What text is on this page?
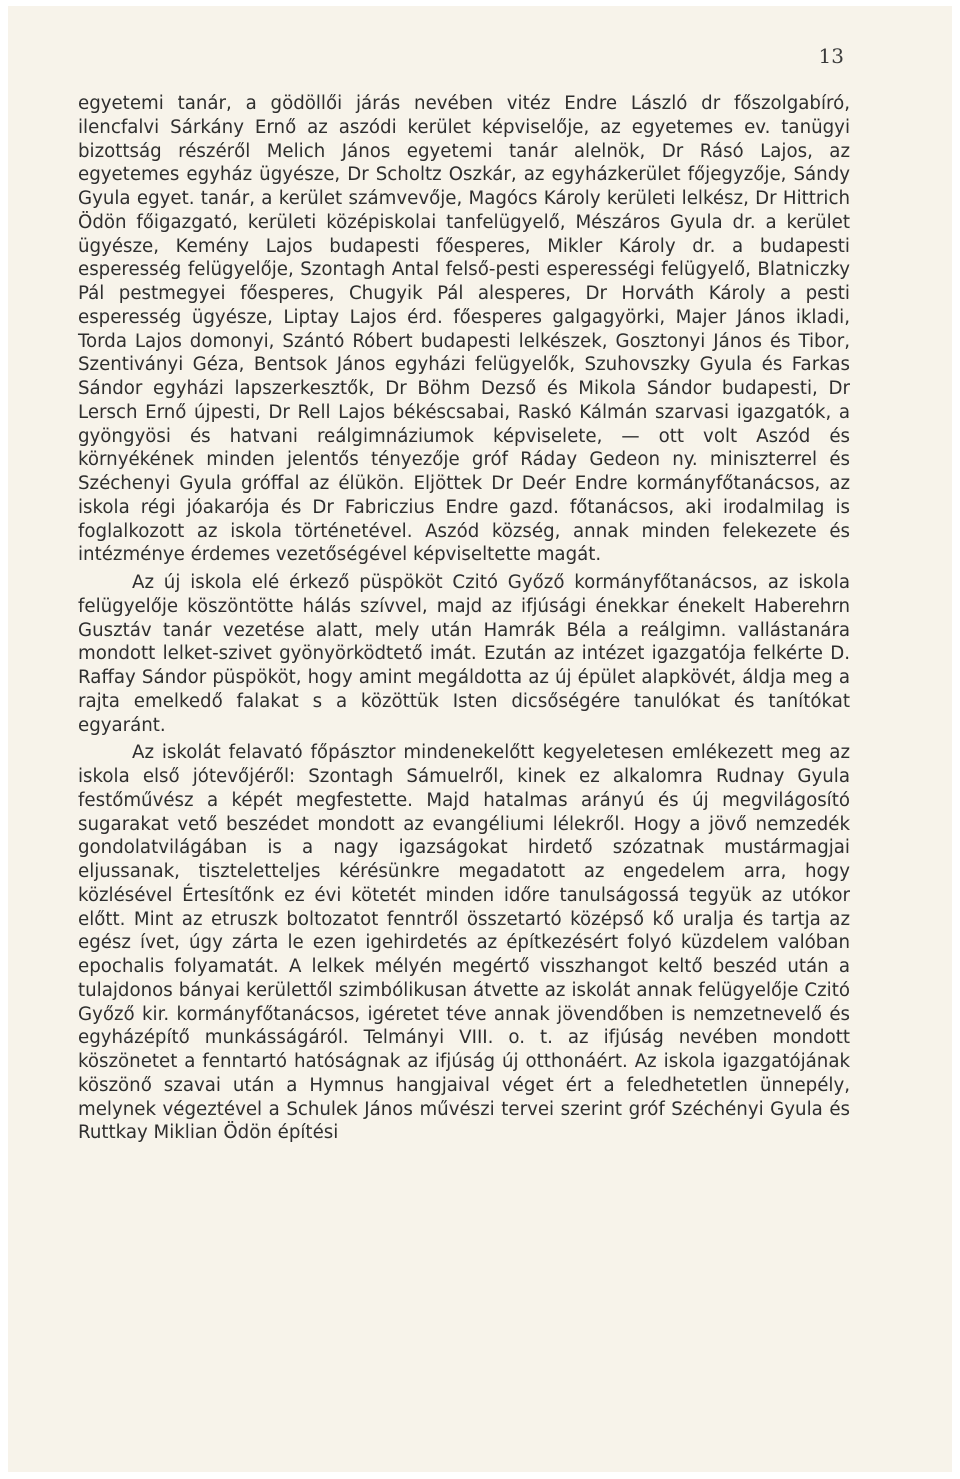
13

egyetemi tanár, a gödöllői járás nevében vitéz Endre László dr főszolgabíró, ilencfalvi Sárkány Ernő az aszódi kerület képviselője, az egyetemes ev. tanügyi bizottság részéről Melich János egyetemi tanár alelnök, Dr Rásó Lajos, az egyetemes egyház ügyésze, Dr Scholtz Oszkár, az egyházkerület főjegyzője, Sándy Gyula egyet. tanár, a kerület számvevője, Magócs Károly kerületi lelkész, Dr Hittrich Ödön főigazgató, kerületi középiskolai tanfelügyelő, Mészáros Gyula dr. a kerület ügyésze, Kemény Lajos budapesti főesperes, Mikler Károly dr. a budapesti esperesség felügyelője, Szontagh Antal felső-pesti esperességi felügyelő, Blatniczky Pál pestmegyei főesperes, Chugyik Pál alesperes, Dr Horváth Károly a pesti esperesség ügyésze, Liptay Lajos érd. főesperes galgagyörki, Majer János ikladi, Torda Lajos domonyi, Szántó Róbert budapesti lelkészek, Gosztonyi János és Tibor, Szentiványi Géza, Bentsok János egyházi felügyelők, Szuhovszky Gyula és Farkas Sándor egyházi lapszerkesztők, Dr Böhm Dezső és Mikola Sándor budapesti, Dr Lersch Ernő újpesti, Dr Rell Lajos békéscsabai, Raskó Kálmán szarvasi igazgatók, a gyöngyösi és hatvani reálgimnáziumok képviselete, — ott volt Aszód és környékének minden jelentős tényezője gróf Ráday Gedeon ny. miniszterrel és Széchenyi Gyula gróffal az élükön. Eljöttek Dr Deér Endre kormányfőtanácsos, az iskola régi jóakarója és Dr Fabriczius Endre gazd. főtanácsos, aki irodalmilag is foglalkozott az iskola történetével. Aszód község, annak minden felekezete és intézménye érdemes vezetőségével képviseltette magát.

Az új iskola elé érkező püspököt Czitó Győző kormányfőtanácsos, az iskola felügyelője köszöntötte hálás szívvel, majd az ifjúsági énekkar énekelt Haberehrn Gusztáv tanár vezetése alatt, mely után Hamrák Béla a reálgimn. vallástanára mondott lelket-szivet gyönyörködtető imát. Ezután az intézet igazgatója felkérte D. Raffay Sándor püspököt, hogy amint megáldotta az új épület alapkövét, áldja meg a rajta emelkedő falakat s a közöttük Isten dicsőségére tanulókat és tanítókat egyaránt.

Az iskolát felavató főpásztor mindenekelőtt kegyeletesen emlékezett meg az iskola első jótevőjéről: Szontagh Sámuelről, kinek ez alkalomra Rudnay Gyula festőművész a képét megfestette. Majd hatalmas arányú és új megvilágosító sugarakat vető beszédet mondott az evangéliumi lélekről. Hogy a jövő nemzedék gondolatvilágában is a nagy igazságokat hirdető szózatnak mustármagjai eljussanak, tiszteletteljes kérésünkre megadatott az engedelem arra, hogy közlésével Értesítőnk ez évi kötetét minden időre tanulságossá tegyük az utókor előtt. Mint az etruszk boltozatot fenntről összetartó középső kő uralja és tartja az egész ívet, úgy zárta le ezen igehirdetés az építkezésért folyó küzdelem valóban epochalis folyamatát. A lelkek mélyén megértő visszhangot keltő beszéd után a tulajdonos bányai kerülettől szimbólikusan átvette az iskolát annak felügyelője Czitó Győző kir. kormányfőtanácsos, igéretet téve annak jövendőben is nemzetnevelő és egyházépítő munkásságáról. Telmányi VIII. o. t. az ifjúság nevében mondott köszönetet a fenntartó hatóságnak az ifjúság új otthonáért. Az iskola igazgatójának köszönő szavai után a Hymnus hangjaival véget ért a feledhetetlen ünnepély, melynek végeztével a Schulek János művészi tervei szerint gróf Széchényi Gyula és Ruttkay Miklian Ödön építési
